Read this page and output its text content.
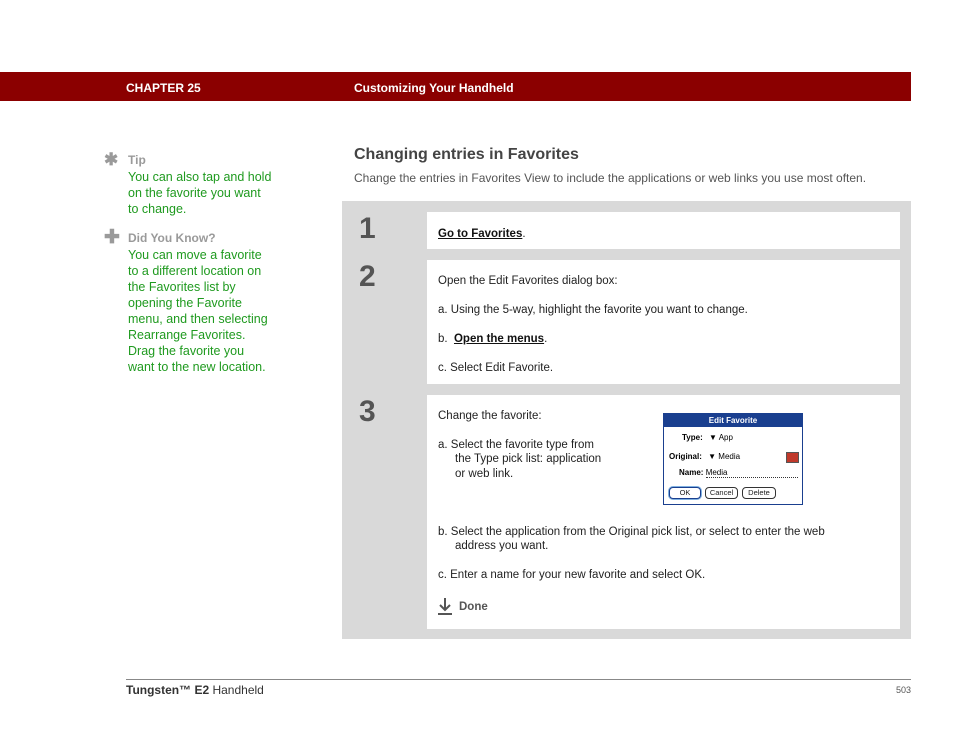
CHAPTER 25	Customizing Your Handheld
✱ Tip
You can also tap and hold
on the favorite you want
to change.
✚ Did You Know?
You can move a favorite
to a different location on
the Favorites list by
opening the Favorite
menu, and then selecting
Rearrange Favorites.
Drag the favorite you
want to the new location.
Changing entries in Favorites
Change the entries in Favorites View to include the applications or web links you use most often.
1	Go to Favorites.
2	Open the Edit Favorites dialog box:
a. Using the 5-way, highlight the favorite you want to change.
b.  Open the menus.
c. Select Edit Favorite.
3	Change the favorite:
a. Select the favorite type from
the Type pick list: application
or web link.
Edit Favorite
Type: ▼ App
Original: ▼ Media
Name: Media
OK	Cancel	Delete
b. Select the application from the Original pick list, or select to enter the web
address you want.
c. Enter a name for your new favorite and select OK.
Done
Tungsten™ E2 Handheld	503
